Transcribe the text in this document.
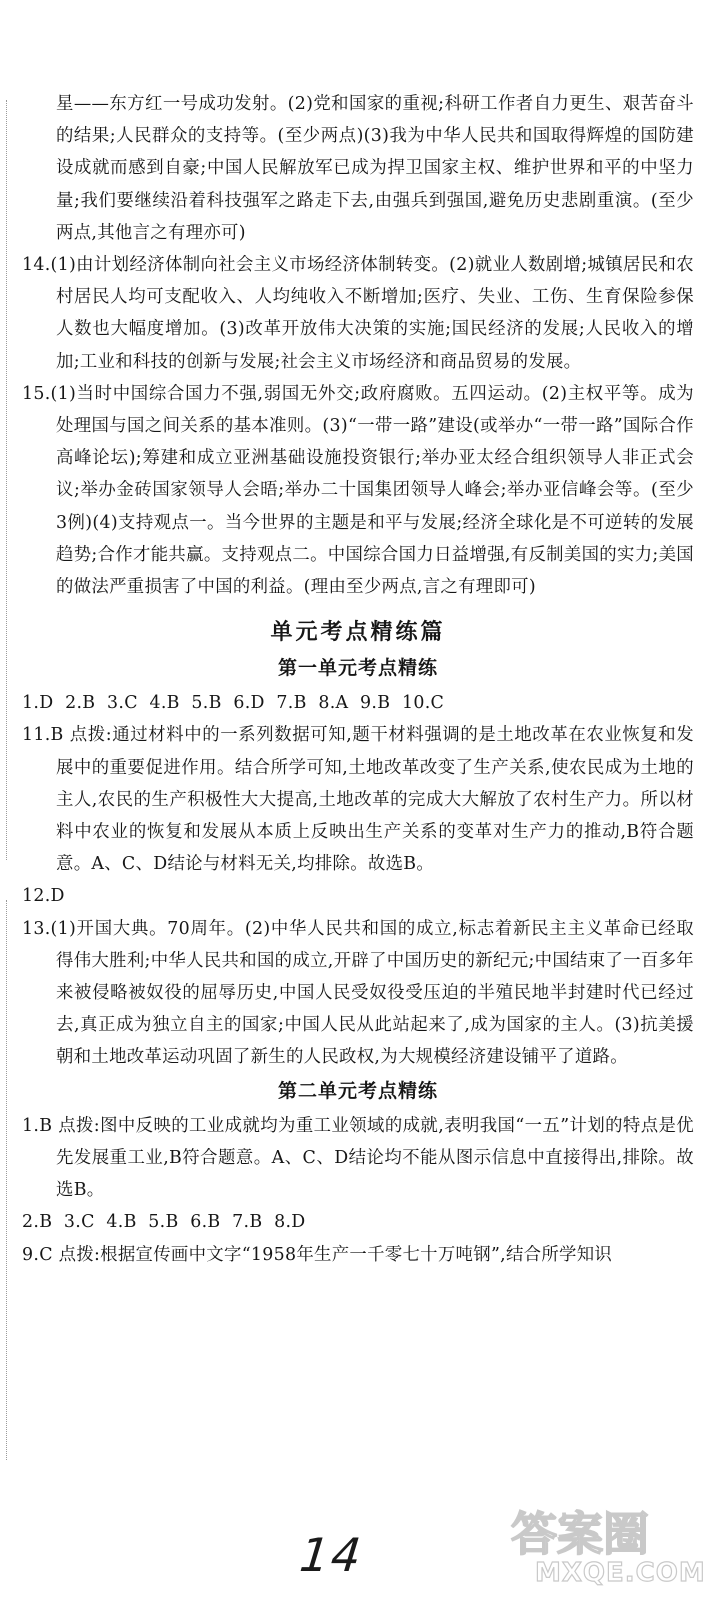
星——东方红一号成功发射。(2)党和国家的重视;科研工作者自力更生、艰苦奋斗的结果;人民群众的支持等。(至少两点)(3)我为中华人民共和国取得辉煌的国防建设成就而感到自豪;中国人民解放军已成为捍卫国家主权、维护世界和平的中坚力量;我们要继续沿着科技强军之路走下去,由强兵到强国,避免历史悲剧重演。(至少两点,其他言之有理亦可)

14.(1)由计划经济体制向社会主义市场经济体制转变。(2)就业人数剧增;城镇居民和农村居民人均可支配收入、人均纯收入不断增加;医疗、失业、工伤、生育保险参保人数也大幅度增加。(3)改革开放伟大决策的实施;国民经济的发展;人民收入的增加;工业和科技的创新与发展;社会主义市场经济和商品贸易的发展。

15.(1)当时中国综合国力不强,弱国无外交;政府腐败。五四运动。(2)主权平等。成为处理国与国之间关系的基本准则。(3)“一带一路”建设(或举办“一带一路”国际合作高峰论坛);筹建和成立亚洲基础设施投资银行;举办亚太经合组织领导人非正式会议;举办金砖国家领导人会晤;举办二十国集团领导人峰会;举办亚信峰会等。(至少3例)(4)支持观点一。当今世界的主题是和平与发展;经济全球化是不可逆转的发展趋势;合作才能共赢。支持观点二。中国综合国力日益增强,有反制美国的实力;美国的做法严重损害了中国的利益。(理由至少两点,言之有理即可)

单元考点精练篇
第一单元考点精练

1.D  2.B  3.C  4.B  5.B  6.D  7.B  8.A  9.B  10.C

11.B 点拨:通过材料中的一系列数据可知,题干材料强调的是土地改革在农业恢复和发展中的重要促进作用。结合所学可知,土地改革改变了生产关系,使农民成为土地的主人,农民的生产积极性大大提高,土地改革的完成大大解放了农村生产力。所以材料中农业的恢复和发展从本质上反映出生产关系的变革对生产力的推动,B符合题意。A、C、D结论与材料无关,均排除。故选B。

12.D

13.(1)开国大典。70周年。(2)中华人民共和国的成立,标志着新民主主义革命已经取得伟大胜利;中华人民共和国的成立,开辟了中国历史的新纪元;中国结束了一百多年来被侵略被奴役的屈辱历史,中国人民受奴役受压迫的半殖民地半封建时代已经过去,真正成为独立自主的国家;中国人民从此站起来了,成为国家的主人。(3)抗美援朝和土地改革运动巩固了新生的人民政权,为大规模经济建设铺平了道路。

第二单元考点精练

1.B 点拨:图中反映的工业成就均为重工业领域的成就,表明我国“一五”计划的特点是优先发展重工业,B符合题意。A、C、D结论均不能从图示信息中直接得出,排除。故选B。

2.B  3.C  4.B  5.B  6.B  7.B  8.D

9.C 点拨:根据宣传画中文字“1958年生产一千零七十万吨钢”,结合所学知识

14	答案圈
MXQE.COM
